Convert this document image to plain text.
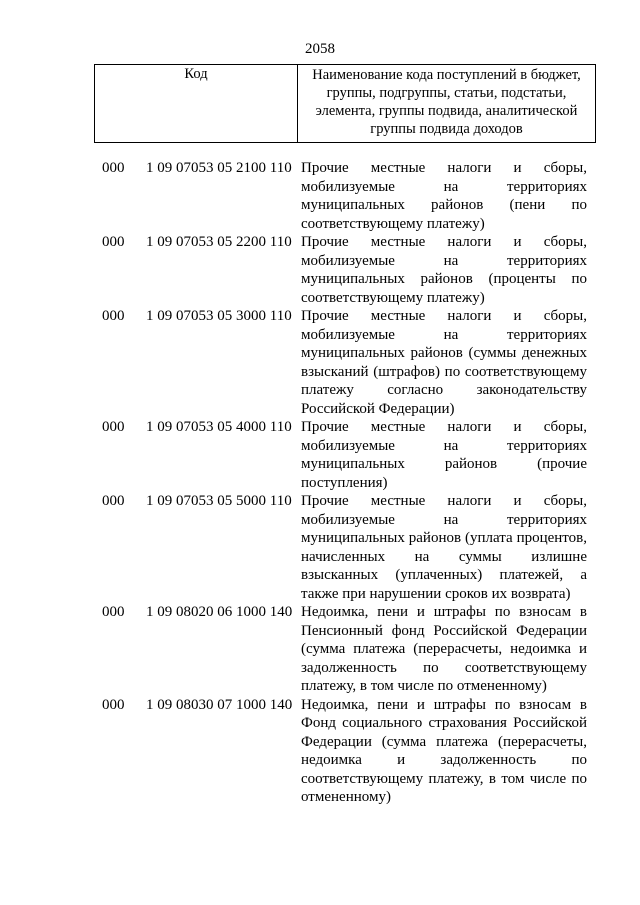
2058
Код	Наименование кода поступлений в бюджет, группы, подгруппы, статьи, подстатьи, элемента, группы подвида, аналитической группы подвида доходов
000 1 09 07053 05 2100 110 Прочие местные налоги и сборы, мобилизуемые на территориях муниципальных районов (пени по соответствующему платежу)
000 1 09 07053 05 2200 110 Прочие местные налоги и сборы, мобилизуемые на территориях муниципальных районов (проценты по соответствующему платежу)
000 1 09 07053 05 3000 110 Прочие местные налоги и сборы, мобилизуемые на территориях муниципальных районов (суммы денежных взысканий (штрафов) по соответствующему платежу согласно законодательству Российской Федерации)
000 1 09 07053 05 4000 110 Прочие местные налоги и сборы, мобилизуемые на территориях муниципальных районов (прочие поступления)
000 1 09 07053 05 5000 110 Прочие местные налоги и сборы, мобилизуемые на территориях муниципальных районов (уплата процентов, начисленных на суммы излишне взысканных (уплаченных) платежей, а также при нарушении сроков их возврата)
000 1 09 08020 06 1000 140 Недоимка, пени и штрафы по взносам в Пенсионный фонд Российской Федерации (сумма платежа (перерасчеты, недоимка и задолженность по соответствующему платежу, в том числе по отмененному)
000 1 09 08030 07 1000 140 Недоимка, пени и штрафы по взносам в Фонд социального страхования Российской Федерации (сумма платежа (перерасчеты, недоимка и задолженность по соответствующему платежу, в том числе по отмененному)
